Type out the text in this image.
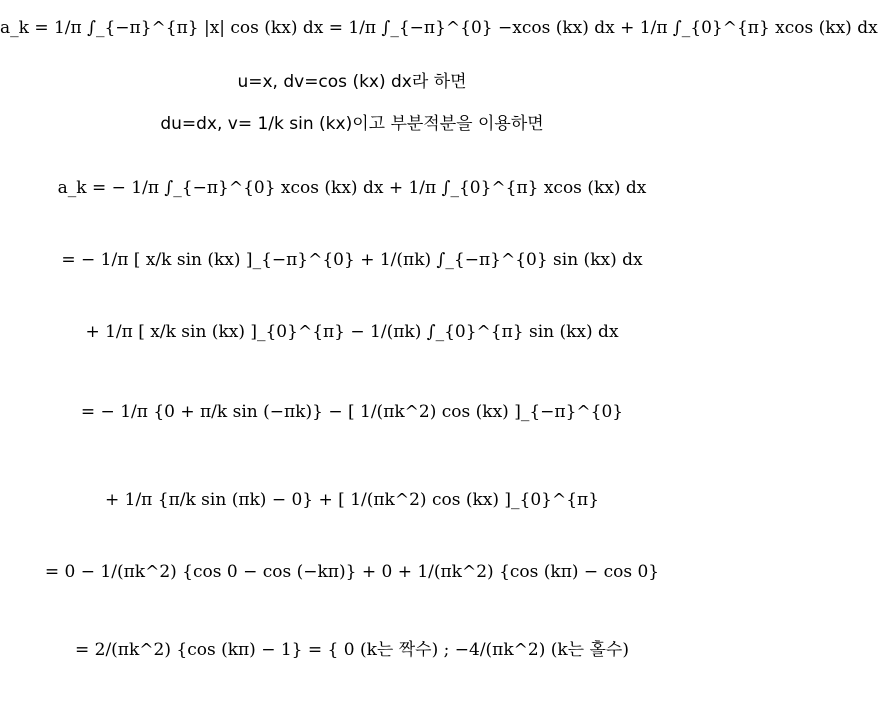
a_k = 1/π ∫_{−π}^{π} |x| cos (kx) dx = 1/π ∫_{−π}^{0} −xcos (kx) dx + 1/π ∫_{0}^{π} xcos (kx) dx
u=x, dv=cos (kx) dx라 하면
du=dx, v= 1/k sin (kx)이고 부분적분을 이용하면
a_k = − 1/π ∫_{−π}^{0} xcos (kx) dx + 1/π ∫_{0}^{π} xcos (kx) dx
= − 1/π [ x/k sin (kx) ]_{−π}^{0} + 1/(πk) ∫_{−π}^{0} sin (kx) dx
+ 1/π [ x/k sin (kx) ]_{0}^{π} − 1/(πk) ∫_{0}^{π} sin (kx) dx
= − 1/π {0 + π/k sin (−πk)} − [ 1/(πk^2) cos (kx) ]_{−π}^{0}
+ 1/π {π/k sin (πk) − 0} + [ 1/(πk^2) cos (kx) ]_{0}^{π}
= 0 − 1/(πk^2) {cos 0 − cos (−kπ)} + 0 + 1/(πk^2) {cos (kπ) − cos 0}
= 2/(πk^2) {cos (kπ) − 1} = { 0 (k는 짝수) ; −4/(πk^2) (k는 홀수)
